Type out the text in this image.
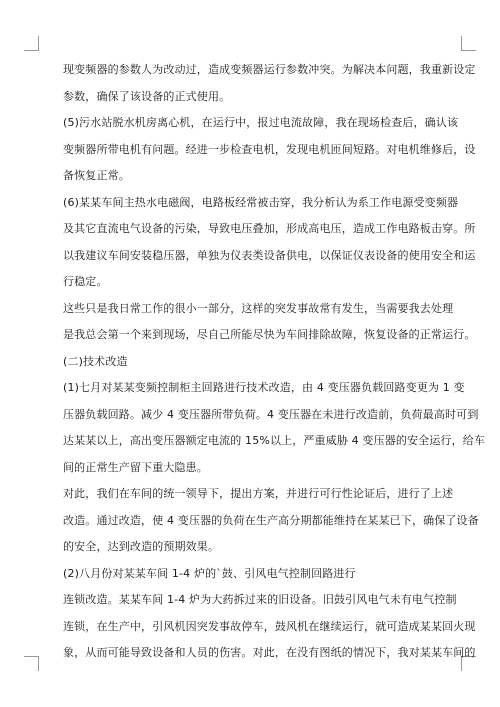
现变频器的参数人为改动过，造成变频器运行参数冲突。为解决本问题，我重新设定
参数，确保了该设备的正式使用。
(5)污水站脱水机房离心机，在运行中，报过电流故障，我在现场检查后，确认该
变频器所带电机有问题。经进一步检查电机，发现电机匝间短路。对电机维修后，设
备恢复正常。
(6)某某车间主热水电磁阀，电路板经常被击穿，我分析认为系工作电源受变频器
及其它直流电气设备的污染，导致电压叠加，形成高电压，造成工作电路板击穿。所
以我建议车间安装稳压器，单独为仪表类设备供电，以保证仪表设备的使用安全和运
行稳定。
这些只是我日常工作的很小一部分，这样的突发事故常有发生，当需要我去处理
是我总会第一个来到现场，尽自己所能尽快为车间排除故障，恢复设备的正常运行。
(二)技术改造
(1)七月对某某变频控制柜主回路进行技术改造，由 4 变压器负载回路变更为 1 变
压器负载回路。减少 4 变压器所带负荷。4 变压器在未进行改造前，负荷最高时可到
达某某以上，高出变压器额定电流的 15%以上，严重威胁 4 变压器的安全运行，给车
间的正常生产留下重大隐患。
对此，我们在车间的统一领导下，提出方案，并进行可行性论证后，进行了上述
改造。通过改造，使 4 变压器的负荷在生产高分期都能维持在某某已下，确保了设备
的安全，达到改造的预期效果。
(2)八月份对某某车间 1-4 炉的`鼓、引风电气控制回路进行
连锁改造。某某车间 1-4 炉为大药拆过来的旧设备。旧鼓引风电气未有电气控制
连锁，在生产中，引风机因突发事故停车，鼓风机在继续运行，就可造成某某回火现
象，从而可能导致设备和人员的伤害。对此，在没有图纸的情况下，我对某某车间的
